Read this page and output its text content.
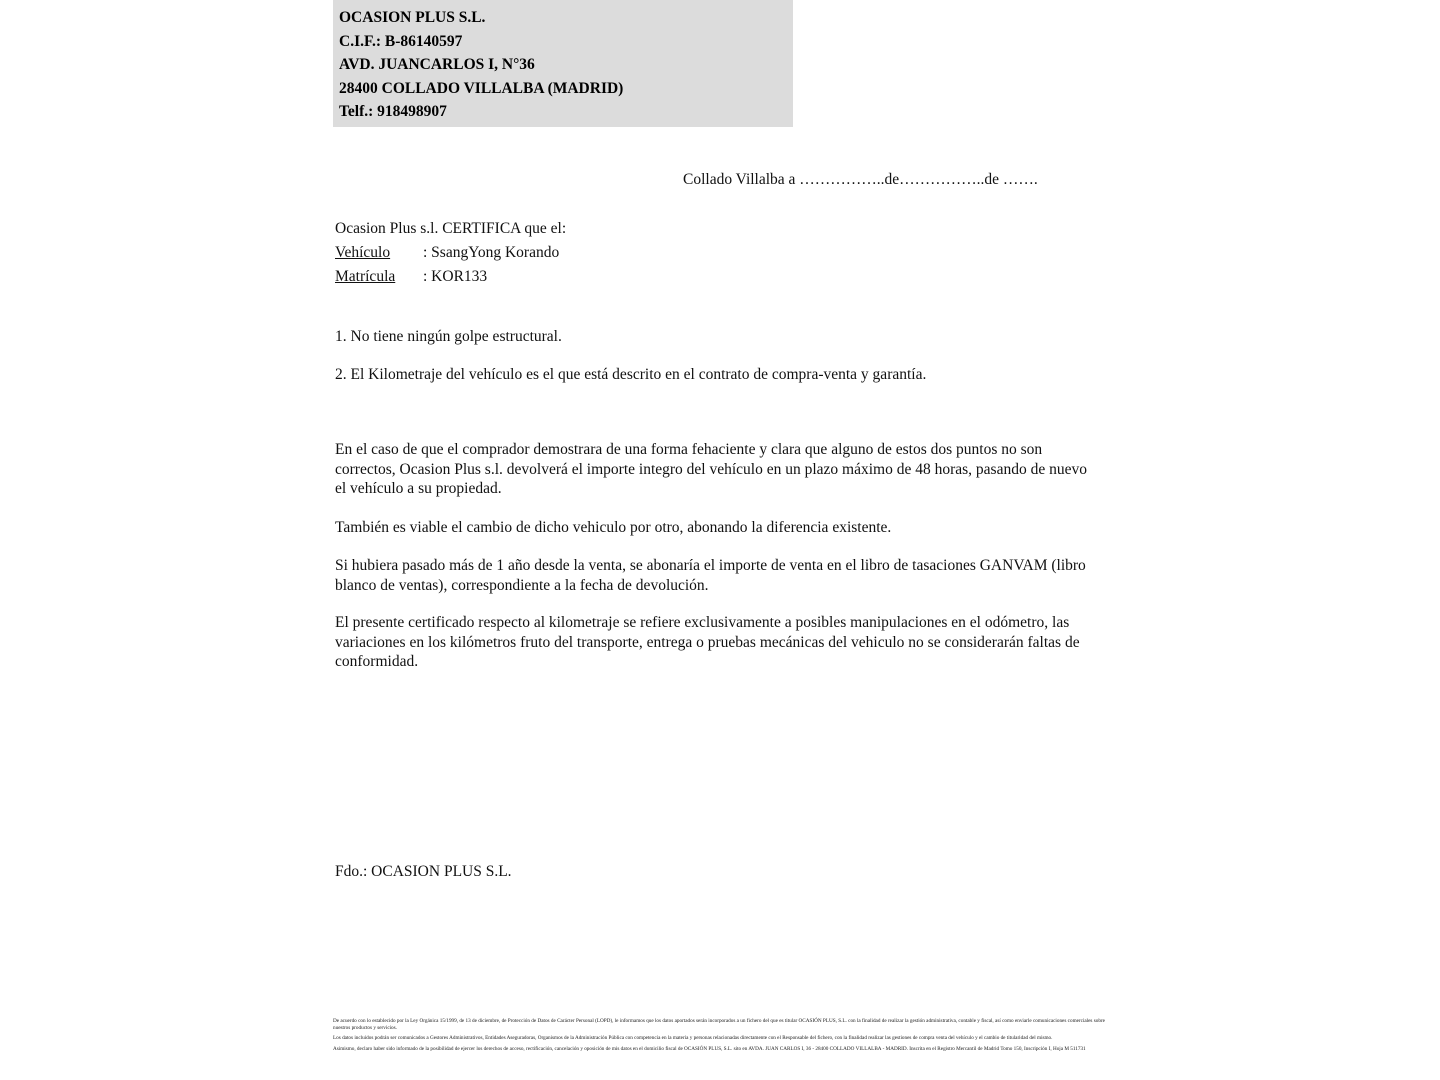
OCASION PLUS S.L.
C.I.F.: B-86140597
AVD. JUANCARLOS I, N°36
28400 COLLADO VILLALBA (MADRID)
Telf.: 918498907
Collado Villalba a ……………..de……………..de …….
Ocasion Plus s.l. CERTIFICA que el:
Vehículo : SsangYong Korando
Matrícula : KOR133
1. No tiene ningún golpe estructural.
2. El Kilometraje del vehículo es el que está descrito en el contrato de compra-venta y garantía.
En el caso de que el comprador demostrara de una forma fehaciente y clara que alguno de estos dos puntos no son correctos, Ocasion Plus s.l. devolverá el importe integro del vehículo en un plazo máximo de 48 horas, pasando de nuevo el vehículo a su propiedad.
También es viable el cambio de dicho vehiculo por otro, abonando la diferencia existente.
Si hubiera pasado más de 1 año desde la venta, se abonaría el importe de venta en el libro de tasaciones GANVAM (libro blanco de ventas), correspondiente a la fecha de devolución.
El presente certificado respecto al kilometraje se refiere exclusivamente a posibles manipulaciones en el odómetro, las variaciones en los kilómetros fruto del transporte, entrega o pruebas mecánicas del vehiculo no se considerarán faltas de conformidad.
Fdo.: OCASION PLUS S.L.

De acuerdo con lo establecido por la Ley Orgánica 15/1999, de 13 de diciembre, de Protección de Datos de Carácter Personal (LOPD), le informamos que los datos aportados serán incorporados a un fichero del que es titular OCASIÓN PLUS, S.L. con la finalidad de realizar la gestión administrativa, contable y fiscal, así como enviarle comunicaciones comerciales sobre nuestros productos y servicios.

Los datos incluidos podrán ser comunicados a Gestores Administrativos, Entidades Aseguradoras, Organismos de la Administración Pública con competencia en la materia y personas relacionadas directamente con el Responsable del fichero, con la finalidad realizar las gestiones de compra venta del vehículo y el cambio de titularidad del mismo.

Asimismo, declaro haber sido informado de la posibilidad de ejercer los derechos de acceso, rectificación, cancelación y oposición de mis datos en el domicilio fiscal de OCASIÓN PLUS, S.L. sito en AVDA. JUAN CARLOS I, 36 - 28400 COLLADO VILLALBA - MADRID. Inscrita en el Registro Mercantil de Madrid Tomo 150, Inscripción I, Hoja M 511731
